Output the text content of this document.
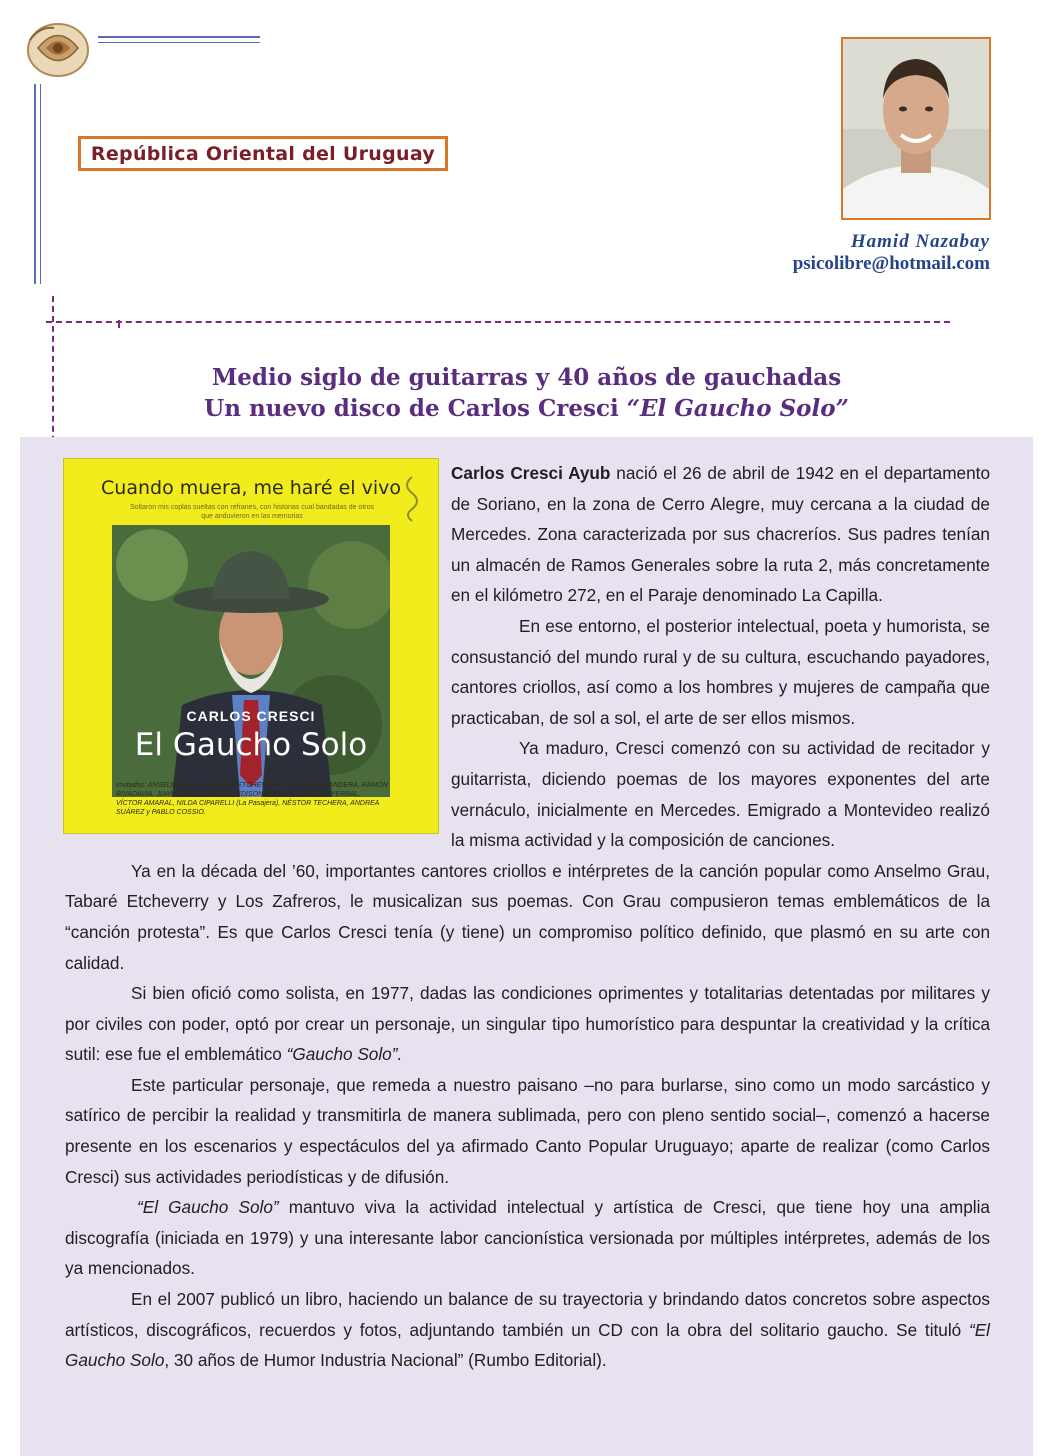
República Oriental del Uruguay
Hamid Nazabay
psicolibre@hotmail.com
Medio siglo de guitarras y 40 años de gauchadas
Un nuevo disco de Carlos Cresci “El Gaucho Solo”
Cuando muera, me haré el vivo
Soltaron mis coplas sueltas con refranes, con historias cual bandadas de otros que anduvieron en las memorias
CARLOS CRESCI
El Gaucho Solo
Invitados: ANSELMO GRAU, TABARÉ ETCHEVERRY, CACHO LABANDERA, RAMÓN RIVADAVIA, JUAN JOSÉ DE MELLO, EDISON BORDÓN, LOS DEL YERBAL, VÍCTOR AMARAL, NILDA CIPARELLI (La Pasajera), NÉSTOR TECHERA, ANDREA SUÁREZ y PABLO COSSIO.

Carlos Cresci Ayub nació el 26 de abril de 1942 en el departamento de Soriano, en la zona de Cerro Alegre, muy cercana a la ciudad de Mercedes. Zona caracterizada por sus chacreríos. Sus padres tenían un almacén de Ramos Generales sobre la ruta 2, más concretamente en el kilómetro 272, en el Paraje denominado La Capilla.

En ese entorno, el posterior intelectual, poeta y humorista, se consustanció del mundo rural y de su cultura, escuchando payadores, cantores criollos, así como a los hombres y mujeres de campaña que practicaban, de sol a sol, el arte de ser ellos mismos.

Ya maduro, Cresci comenzó con su actividad de recitador y guitarrista, diciendo poemas de los mayores exponentes del arte vernáculo, inicialmente en Mercedes. Emigrado a Montevideo realizó la misma actividad y la composición de canciones.

Ya en la década del ’60, importantes cantores criollos e intérpretes de la canción popular como Anselmo Grau, Tabaré Etcheverry y Los Zafreros, le musicalizan sus poemas. Con Grau compusieron temas emblemáticos de la “canción protesta”. Es que Carlos Cresci tenía (y tiene) un compromiso político definido, que plasmó en su arte con calidad.

Si bien ofició como solista, en 1977, dadas las condiciones oprimentes y totalitarias detentadas por militares y por civiles con poder, optó por crear un personaje, un singular tipo humorístico para despuntar la creatividad y la crítica sutil: ese fue el emblemático “Gaucho Solo”.

Este particular personaje, que remeda a nuestro paisano –no para burlarse, sino como un modo sarcástico y satírico de percibir la realidad y transmitirla de manera sublimada, pero con pleno sentido social–, comenzó a hacerse presente en los escenarios y espectáculos del ya afirmado Canto Popular Uruguayo; aparte de realizar (como Carlos Cresci) sus actividades periodísticas y de difusión.

“El Gaucho Solo” mantuvo viva la actividad intelectual y artística de Cresci, que tiene hoy una amplia discografía (iniciada en 1979) y una interesante labor cancionística versionada por múltiples intérpretes, además de los ya mencionados.

En el 2007 publicó un libro, haciendo un balance de su trayectoria y brindando datos concretos sobre aspectos artísticos, discográficos, recuerdos y fotos, adjuntando también un CD con la obra del solitario gaucho. Se tituló “El Gaucho Solo, 30 años de Humor Industria Nacional” (Rumbo Editorial).
